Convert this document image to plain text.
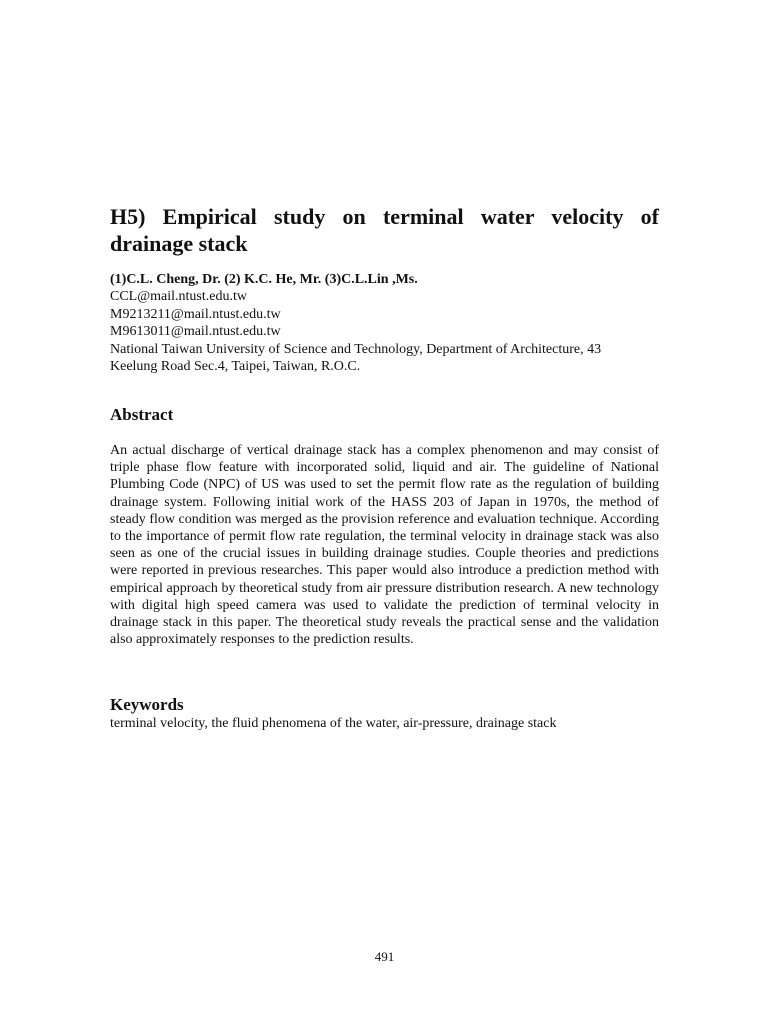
H5) Empirical study on terminal water velocity of
drainage stack
(1)C.L. Cheng, Dr. (2) K.C. He, Mr. (3)C.L.Lin ,Ms.
CCL@mail.ntust.edu.tw
M9213211@mail.ntust.edu.tw
M9613011@mail.ntust.edu.tw
National Taiwan University of Science and Technology, Department of Architecture, 43
Keelung Road Sec.4, Taipei, Taiwan, R.O.C.
Abstract

An actual discharge of vertical drainage stack has a complex phenomenon and may consist of triple phase flow feature with incorporated solid, liquid and air. The guideline of National Plumbing Code (NPC) of US was used to set the permit flow rate as the regulation of building drainage system. Following initial work of the HASS 203 of Japan in 1970s, the method of steady flow condition was merged as the provision reference and evaluation technique. According to the importance of permit flow rate regulation, the terminal velocity in drainage stack was also seen as one of the crucial issues in building drainage studies. Couple theories and predictions were reported in previous researches. This paper would also introduce a prediction method with empirical approach by theoretical study from air pressure distribution research. A new technology with digital high speed camera was used to validate the prediction of terminal velocity in drainage stack in this paper. The theoretical study reveals the practical sense and the validation also approximately responses to the prediction results.

Keywords

terminal velocity, the fluid phenomena of the water, air-pressure, drainage stack

491
